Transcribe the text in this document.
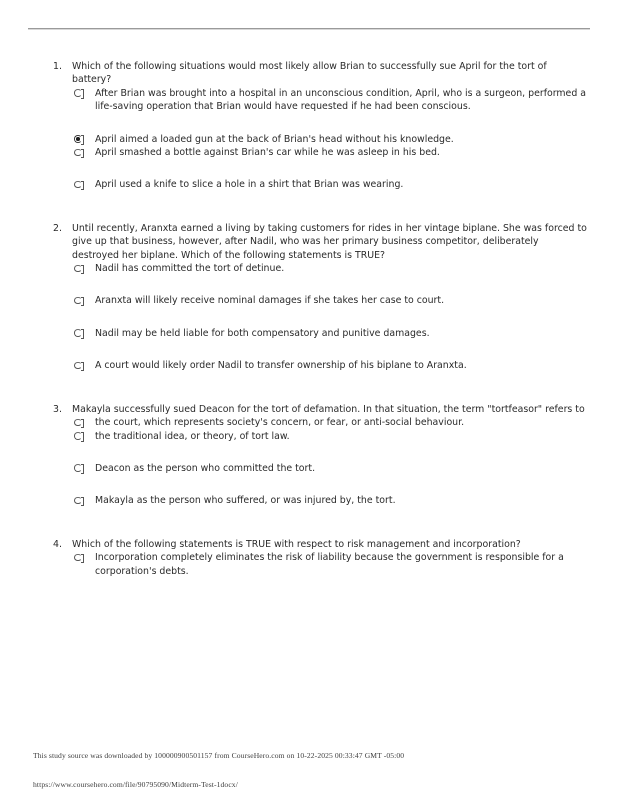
1.	Which of the following situations would most likely allow Brian to successfully sue April for the tort of battery?
After Brian was brought into a hospital in an unconscious condition, April, who is a surgeon, performed a life-saving operation that Brian would have requested if he had been conscious.
April aimed a loaded gun at the back of Brian's head without his knowledge.
April smashed a bottle against Brian's car while he was asleep in his bed.
April used a knife to slice a hole in a shirt that Brian was wearing.
2.	Until recently, Aranxta earned a living by taking customers for rides in her vintage biplane. She was forced to give up that business, however, after Nadil, who was her primary business competitor, deliberately destroyed her biplane. Which of the following statements is TRUE?
Nadil has committed the tort of detinue.
Aranxta will likely receive nominal damages if she takes her case to court.
Nadil may be held liable for both compensatory and punitive damages.
A court would likely order Nadil to transfer ownership of his biplane to Aranxta.
3.	Makayla successfully sued Deacon for the tort of defamation. In that situation, the term "tortfeasor" refers to
the court, which represents society's concern, or fear, or anti-social behaviour.
the traditional idea, or theory, of tort law.
Deacon as the person who committed the tort.
Makayla as the person who suffered, or was injured by, the tort.
4.	Which of the following statements is TRUE with respect to risk management and incorporation?
Incorporation completely eliminates the risk of liability because the government is responsible for a corporation's debts.
This study source was downloaded by 100000900501157 from CourseHero.com on 10-22-2025 00:33:47 GMT -05:00
https://www.coursehero.com/file/90795090/Midterm-Test-1docx/
